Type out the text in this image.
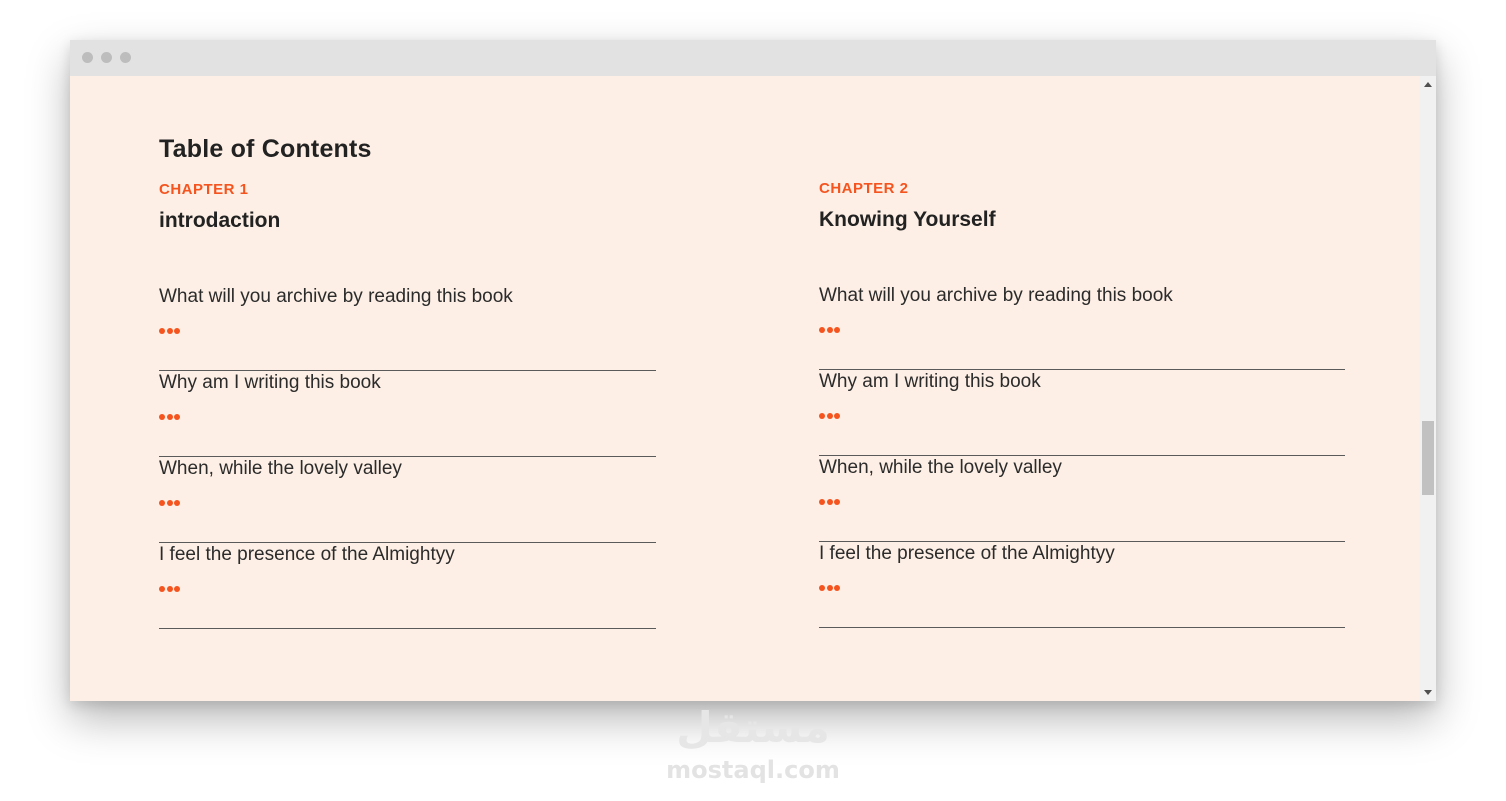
Table of Contents
CHAPTER 1
introdaction
What will you archive by reading this book
Why am I writing this book
When, while the lovely valley
I feel the presence of the Almightyy
CHAPTER 2
Knowing Yourself
What will you archive by reading this book
Why am I writing this book
When, while the lovely valley
I feel the presence of the Almightyy
مستقل
mostaql.com
